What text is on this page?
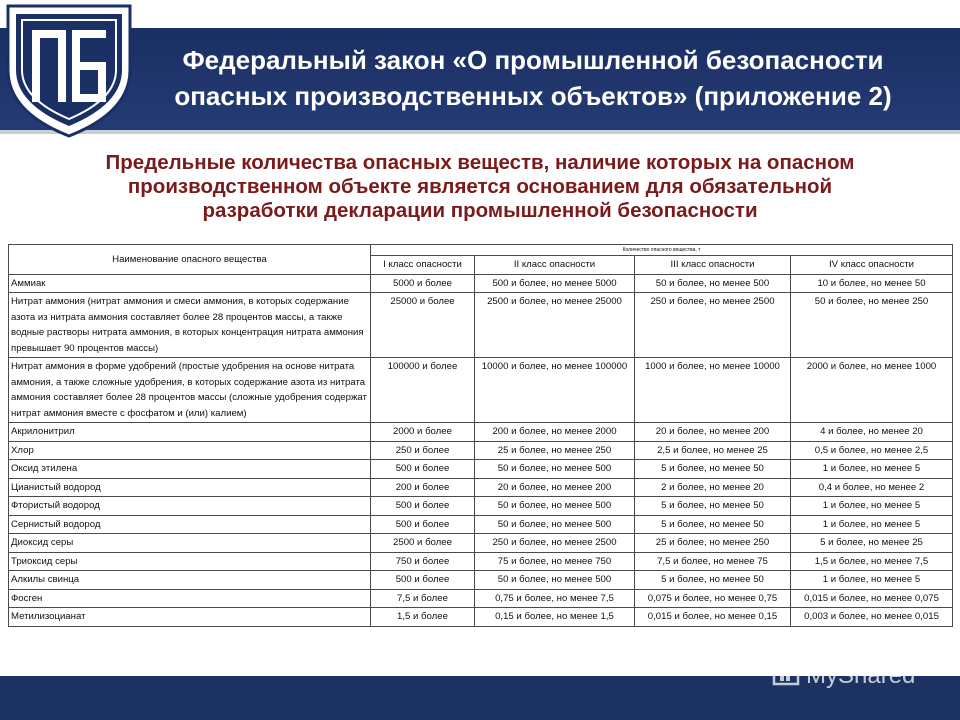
Федеральный закон «О промышленной безопасности
опасных производственных объектов» (приложение 2)
Предельные количества опасных веществ, наличие которых на опасном
производственном объекте является основанием для обязательной
разработки декларации промышленной безопасности
Наименование опасного вещества	Количество опасного вещества, т			
	I класс опасности	II класс опасности	III класс опасности	IV класс опасности
Аммиак	5000 и более	500 и более, но менее 5000	50 и более, но менее 500	10 и более, но менее 50
Нитрат аммония (нитрат аммония и смеси аммония, в которых содержание азота из нитрата аммония составляет более 28 процентов массы, а также водные растворы нитрата аммония, в которых концентрация нитрата аммония превышает 90 процентов массы)	25000 и более	2500 и более, но менее 25000	250 и более, но менее 2500	50 и более, но менее 250
Нитрат аммония в форме удобрений (простые удобрения на основе нитрата аммония, а также сложные удобрения, в которых содержание азота из нитрата аммония составляет более 28 процентов массы (сложные удобрения содержат нитрат аммония вместе с фосфатом и (или) калием)	100000 и более	10000 и более, но менее 100000	1000 и более, но менее 10000	2000 и более, но менее 1000
Акрилонитрил	2000 и более	200 и более, но менее 2000	20 и более, но менее 200	4 и более, но менее 20
Хлор	250 и более	25 и более, но менее 250	2,5 и более, но менее 25	0,5 и более, но менее 2,5
Оксид этилена	500 и более	50 и более, но менее 500	5 и более, но менее 50	1 и более, но менее 5
Цианистый водород	200 и более	20 и более, но менее 200	2 и более, но менее 20	0,4 и более, но менее 2
Фтористый водород	500 и более	50 и более, но менее 500	5 и более, но менее 50	1 и более, но менее 5
Сернистый водород	500 и более	50 и более, но менее 500	5 и более, но менее 50	1 и более, но менее 5
Диоксид серы	2500 и более	250 и более, но менее 2500	25 и более, но менее 250	5 и более, но менее 25
Триоксид серы	750 и более	75 и более, но менее 750	7,5 и более, но менее 75	1,5 и более, но менее 7,5
Алкилы свинца	500 и более	50 и более, но менее 500	5 и более, но менее 50	1 и более, но менее 5
Фосген	7,5 и более	0,75 и более, но менее 7,5	0,075 и более, но менее 0,75	0,015 и более, но менее 0,075
Метилизоцианат	1,5 и более	0,15 и более, но менее 1,5	0,015 и более, но менее 0,15	0,003 и более, но менее 0,015
MyShared
